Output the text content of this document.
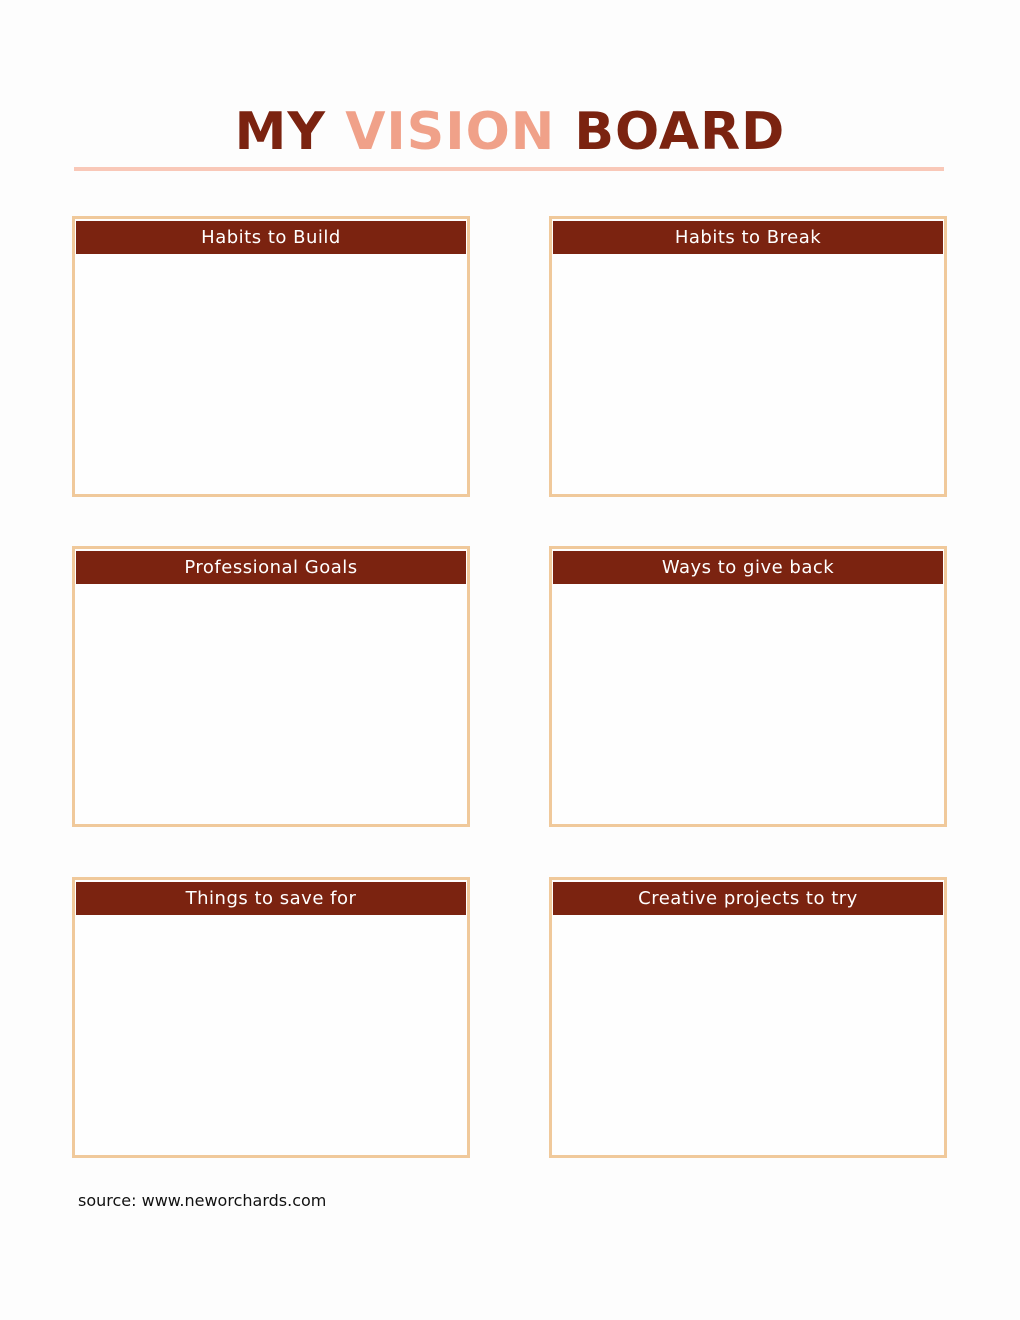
MY VISION BOARD
Habits to Build	Habits to Break
Professional Goals	Ways to give back
Things to save for	Creative projects to try
source: www.neworchards.com
